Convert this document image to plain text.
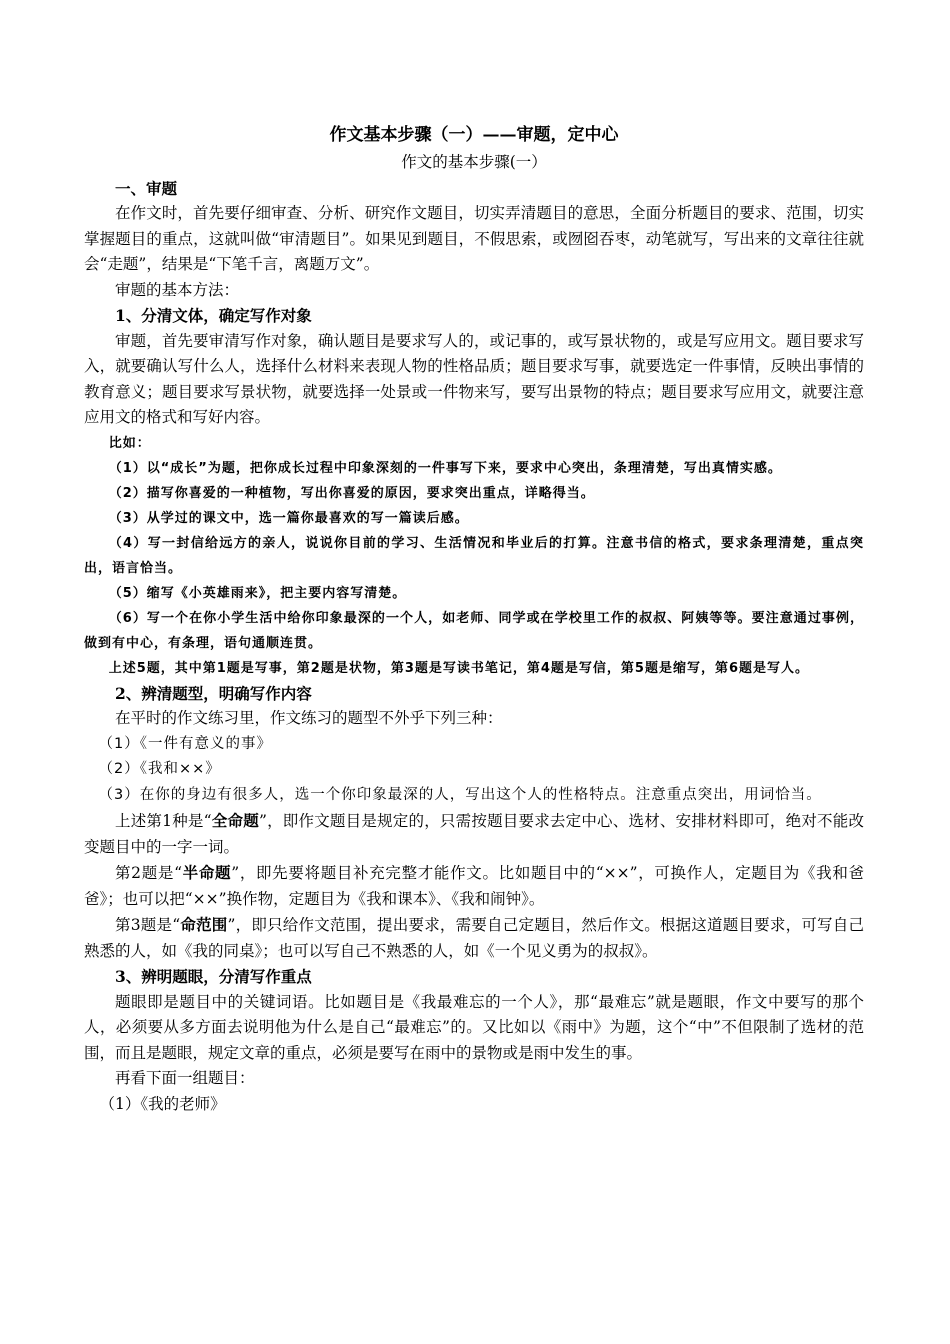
作文基本步骤（一）——审题，定中心

作文的基本步骤(一）

一、审题

在作文时，首先要仔细审查、分析、研究作文题目，切实弄清题目的意思，全面分析题目的要求、范围，切实掌握题目的重点，这就叫做“审清题目”。如果见到题目，不假思索，或囫囵吞枣，动笔就写，写出来的文章往往就会“走题”，结果是“下笔千言，离题万文”。

审题的基本方法：

1、分清文体，确定写作对象

审题，首先要审清写作对象，确认题目是要求写人的，或记事的，或写景状物的，或是写应用文。题目要求写入，就要确认写什么人，选择什么材料来表现人物的性格品质；题目要求写事，就要选定一件事情，反映出事情的教育意义；题目要求写景状物，就要选择一处景或一件物来写，要写出景物的特点；题目要求写应用文，就要注意应用文的格式和写好内容。

比如：

（1）以“成长”为题，把你成长过程中印象深刻的一件事写下来，要求中心突出，条理清楚，写出真情实感。

（2）描写你喜爱的一种植物，写出你喜爱的原因，要求突出重点，详略得当。

（3）从学过的课文中，选一篇你最喜欢的写一篇读后感。

（4）写一封信给远方的亲人，说说你目前的学习、生活情况和毕业后的打算。注意书信的格式，要求条理清楚，重点突出，语言恰当。

（5）缩写《小英雄雨来》，把主要内容写清楚。

（6）写一个在你小学生活中给你印象最深的一个人，如老师、同学或在学校里工作的叔叔、阿姨等等。要注意通过事例，做到有中心，有条理，语句通顺连贯。

上述5题，其中第1题是写事，第2题是状物，第3题是写读书笔记，第4题是写信，第5题是缩写，第6题是写人。

2、辨清题型，明确写作内容

在平时的作文练习里，作文练习的题型不外乎下列三种：

（1）《一件有意义的事》

（2）《我和××》

（3）在你的身边有很多人，选一个你印象最深的人，写出这个人的性格特点。注意重点突出，用词恰当。

上述第1种是“全命题”，即作文题目是规定的，只需按题目要求去定中心、选材、安排材料即可，绝对不能改变题目中的一字一词。

第2题是“半命题”，即先要将题目补充完整才能作文。比如题目中的“××”，可换作人，定题目为《我和爸爸》；也可以把“××”换作物，定题目为《我和课本》、《我和闹钟》。

第3题是“命范围”，即只给作文范围，提出要求，需要自己定题目，然后作文。根据这道题目要求，可写自己熟悉的人，如《我的同桌》；也可以写自己不熟悉的人，如《一个见义勇为的叔叔》。

3、辨明题眼，分清写作重点

题眼即是题目中的关键词语。比如题目是《我最难忘的一个人》，那“最难忘”就是题眼，作文中要写的那个人，必须要从多方面去说明他为什么是自己“最难忘”的。又比如以《雨中》为题，这个“中”不但限制了选材的范围，而且是题眼，规定文章的重点，必须是要写在雨中的景物或是雨中发生的事。

再看下面一组题目：

（1）《我的老师》
